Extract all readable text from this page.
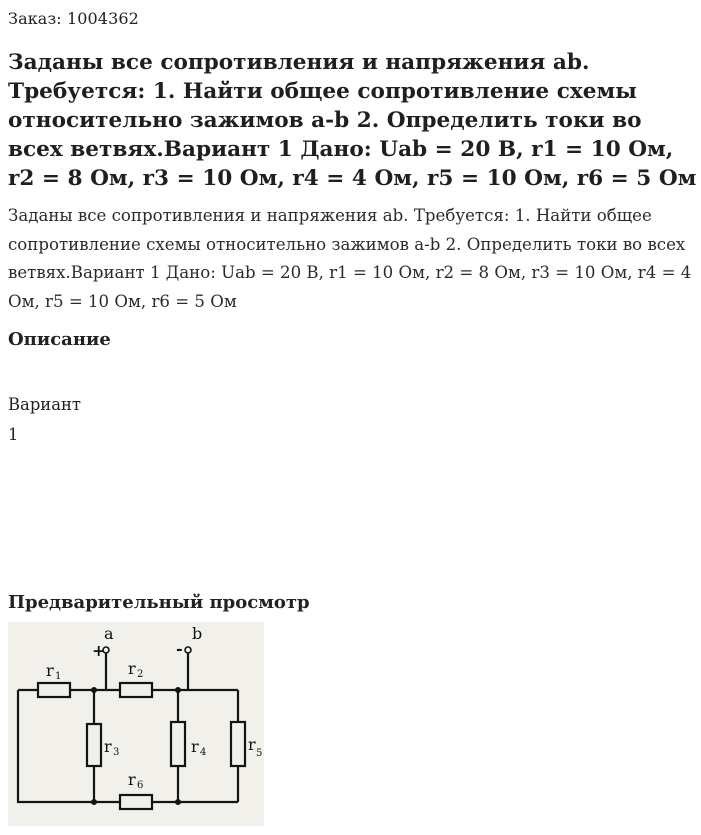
Заказ: 1004362
Заданы все сопротивления и напряжения ab. Требуется: 1. Найти общее сопротивление схемы относительно зажимов a-b 2. Определить токи во всех ветвях.Вариант 1 Дано: Uab = 20 В, r1 = 10 Ом, r2 = 8 Ом, r3 = 10 Ом, r4 = 4 Ом, r5 = 10 Ом, r6 = 5 Ом

Заданы все сопротивления и напряжения ab. Требуется: 1. Найти общее сопротивление схемы относительно зажимов a-b 2. Определить токи во всех ветвях.Вариант 1 Дано: Uab = 20 В, r1 = 10 Ом, r2 = 8 Ом, r3 = 10 Ом, r4 = 4 Ом, r5 = 10 Ом, r6 = 5 Ом

Описание
Вариант
1
Предварительный просмотр
a
+
b
-
r 1	r 2
r 3	r 4	r 5
r 6
